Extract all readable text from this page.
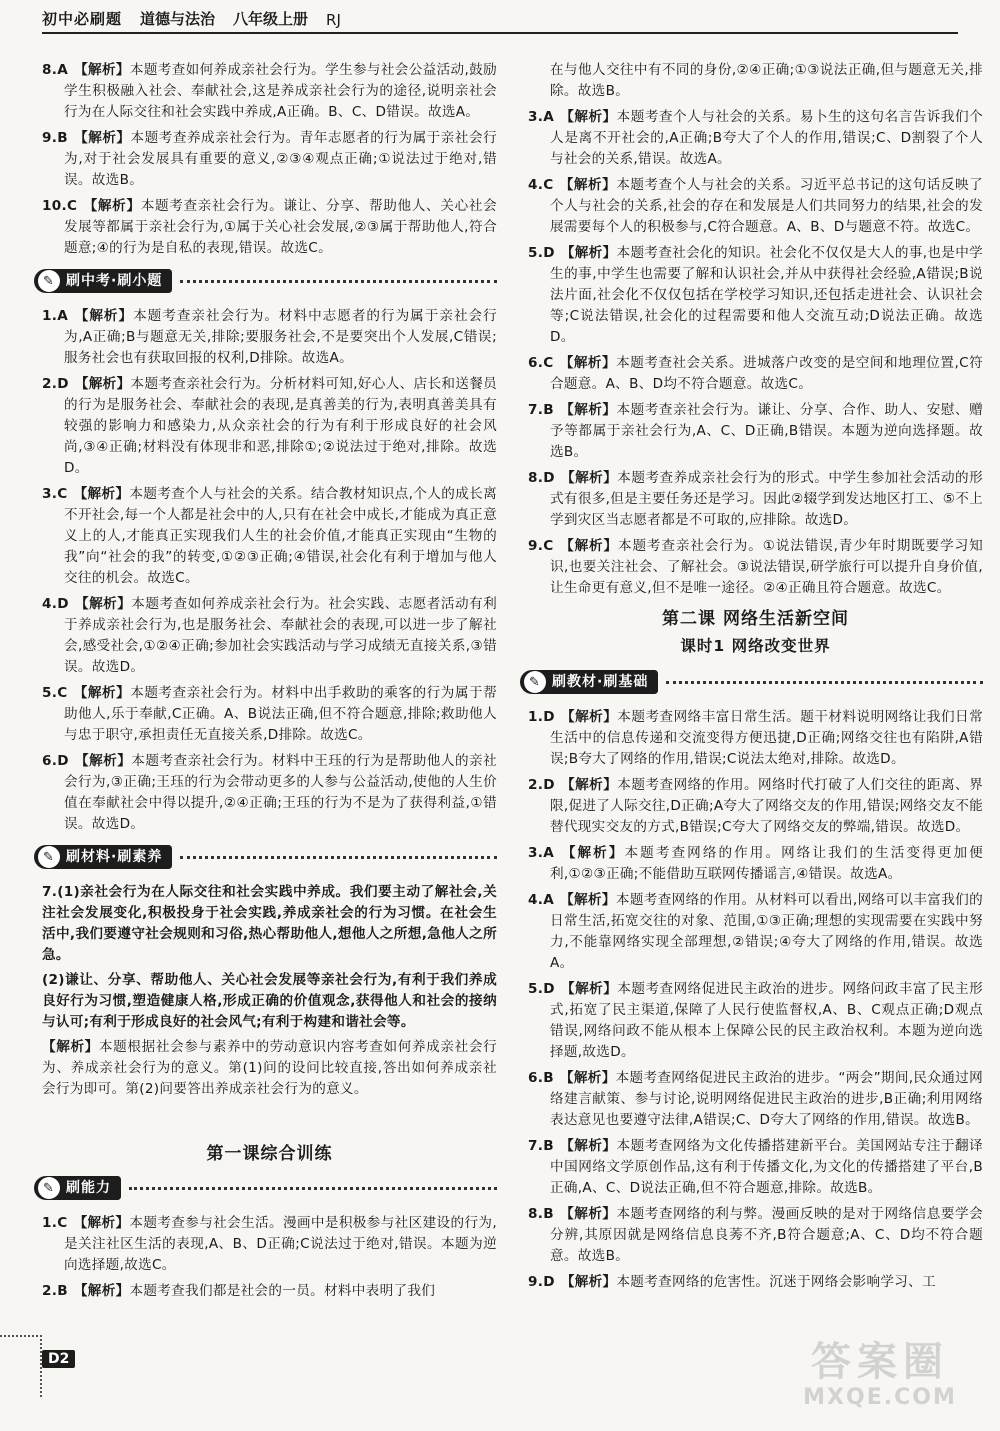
初中必刷题 道德与法治 八年级上册 RJ

8.A 【解析】本题考查如何养成亲社会行为。学生参与社会公益活动,鼓励学生积极融入社会、奉献社会,这是养成亲社会行为的途径,说明亲社会行为在人际交往和社会实践中养成,A正确。B、C、D错误。故选A。

9.B 【解析】本题考查养成亲社会行为。青年志愿者的行为属于亲社会行为,对于社会发展具有重要的意义,②③④观点正确;①说法过于绝对,错误。故选B。

10.C 【解析】本题考查亲社会行为。谦让、分享、帮助他人、关心社会发展等都属于亲社会行为,①属于关心社会发展,②③属于帮助他人,符合题意;④的行为是自私的表现,错误。故选C。

✎ 刷中考·刷小题

1.A 【解析】本题考查亲社会行为。材料中志愿者的行为属于亲社会行为,A正确;B与题意无关,排除;要服务社会,不是要突出个人发展,C错误;服务社会也有获取回报的权利,D排除。故选A。

2.D 【解析】本题考查亲社会行为。分析材料可知,好心人、店长和送餐员的行为是服务社会、奉献社会的表现,是真善美的行为,表明真善美具有较强的影响力和感染力,从众亲社会的行为有利于形成良好的社会风尚,③④正确;材料没有体现非和恶,排除①;②说法过于绝对,排除。故选D。

3.C 【解析】本题考查个人与社会的关系。结合教材知识点,个人的成长离不开社会,每一个人都是社会中的人,只有在社会中成长,才能成为真正意义上的人,才能真正实现我们人生的社会价值,才能真正实现由“生物的我”向“社会的我”的转变,①②③正确;④错误,社会化有利于增加与他人交往的机会。故选C。

4.D 【解析】本题考查如何养成亲社会行为。社会实践、志愿者活动有利于养成亲社会行为,也是服务社会、奉献社会的表现,可以进一步了解社会,感受社会,①②④正确;参加社会实践活动与学习成绩无直接关系,③错误。故选D。

5.C 【解析】本题考查亲社会行为。材料中出手救助的乘客的行为属于帮助他人,乐于奉献,C正确。A、B说法正确,但不符合题意,排除;救助他人与忠于职守,承担责任无直接关系,D排除。故选C。

6.D 【解析】本题考查亲社会行为。材料中王珏的行为是帮助他人的亲社会行为,③正确;王珏的行为会带动更多的人参与公益活动,使他的人生价值在奉献社会中得以提升,②④正确;王珏的行为不是为了获得利益,①错误。故选D。

✎ 刷材料·刷素养
7.(1)亲社会行为在人际交往和社会实践中养成。我们要主动了解社会,关注社会发展变化,积极投身于社会实践,养成亲社会的行为习惯。在社会生活中,我们要遵守社会规则和习俗,热心帮助他人,想他人之所想,急他人之所急。
(2)谦让、分享、帮助他人、关心社会发展等亲社会行为,有利于我们养成良好行为习惯,塑造健康人格,形成正确的价值观念,获得他人和社会的接纳与认可;有利于形成良好的社会风气;有利于构建和谐社会等。
【解析】本题根据社会参与素养中的劳动意识内容考查如何养成亲社会行为、养成亲社会行为的意义。第(1)问的设问比较直接,答出如何养成亲社会行为即可。第(2)问要答出养成亲社会行为的意义。
第一课综合训练
✎ 刷能力

1.C 【解析】本题考查参与社会生活。漫画中是积极参与社区建设的行为,是关注社区生活的表现,A、B、D正确;C说法过于绝对,错误。本题为逆向选择题,故选C。

2.B 【解析】本题考查我们都是社会的一员。材料中表明了我们

在与他人交往中有不同的身份,②④正确;①③说法正确,但与题意无关,排除。故选B。

3.A 【解析】本题考查个人与社会的关系。易卜生的这句名言告诉我们个人是离不开社会的,A正确;B夸大了个人的作用,错误;C、D割裂了个人与社会的关系,错误。故选A。

4.C 【解析】本题考查个人与社会的关系。习近平总书记的这句话反映了个人与社会的关系,社会的存在和发展是人们共同努力的结果,社会的发展需要每个人的积极参与,C符合题意。A、B、D与题意不符。故选C。

5.D 【解析】本题考查社会化的知识。社会化不仅仅是大人的事,也是中学生的事,中学生也需要了解和认识社会,并从中获得社会经验,A错误;B说法片面,社会化不仅仅包括在学校学习知识,还包括走进社会、认识社会等;C说法错误,社会化的过程需要和他人交流互动;D说法正确。故选D。

6.C 【解析】本题考查社会关系。进城落户改变的是空间和地理位置,C符合题意。A、B、D均不符合题意。故选C。

7.B 【解析】本题考查亲社会行为。谦让、分享、合作、助人、安慰、赠予等都属于亲社会行为,A、C、D正确,B错误。本题为逆向选择题。故选B。

8.D 【解析】本题考查养成亲社会行为的形式。中学生参加社会活动的形式有很多,但是主要任务还是学习。因此②辍学到发达地区打工、⑤不上学到灾区当志愿者都是不可取的,应排除。故选D。

9.C 【解析】本题考查亲社会行为。①说法错误,青少年时期既要学习知识,也要关注社会、了解社会。③说法错误,研学旅行可以提升自身价值,让生命更有意义,但不是唯一途径。②④正确且符合题意。故选C。

第二课 网络生活新空间
课时1 网络改变世界
✎ 刷教材·刷基础

1.D 【解析】本题考查网络丰富日常生活。题干材料说明网络让我们日常生活中的信息传递和交流变得方便迅捷,D正确;网络交往也有陷阱,A错误;B夸大了网络的作用,错误;C说法太绝对,排除。故选D。

2.D 【解析】本题考查网络的作用。网络时代打破了人们交往的距离、界限,促进了人际交往,D正确;A夸大了网络交友的作用,错误;网络交友不能替代现实交友的方式,B错误;C夸大了网络交友的弊端,错误。故选D。

3.A 【解析】本题考查网络的作用。网络让我们的生活变得更加便利,①②③正确;不能借助互联网传播谣言,④错误。故选A。

4.A 【解析】本题考查网络的作用。从材料可以看出,网络可以丰富我们的日常生活,拓宽交往的对象、范围,①③正确;理想的实现需要在实践中努力,不能靠网络实现全部理想,②错误;④夸大了网络的作用,错误。故选A。

5.D 【解析】本题考查网络促进民主政治的进步。网络问政丰富了民主形式,拓宽了民主渠道,保障了人民行使监督权,A、B、C观点正确;D观点错误,网络问政不能从根本上保障公民的民主政治权利。本题为逆向选择题,故选D。

6.B 【解析】本题考查网络促进民主政治的进步。“两会”期间,民众通过网络建言献策、参与讨论,说明网络促进民主政治的进步,B正确;利用网络表达意见也要遵守法律,A错误;C、D夸大了网络的作用,错误。故选B。

7.B 【解析】本题考查网络为文化传播搭建新平台。美国网站专注于翻译中国网络文学原创作品,这有利于传播文化,为文化的传播搭建了平台,B正确,A、C、D说法正确,但不符合题意,排除。故选B。

8.B 【解析】本题考查网络的利与弊。漫画反映的是对于网络信息要学会分辨,其原因就是网络信息良莠不齐,B符合题意;A、C、D均不符合题意。故选B。

9.D 【解析】本题考查网络的危害性。沉迷于网络会影响学习、工

D2	答案圈
MXQE.COM
